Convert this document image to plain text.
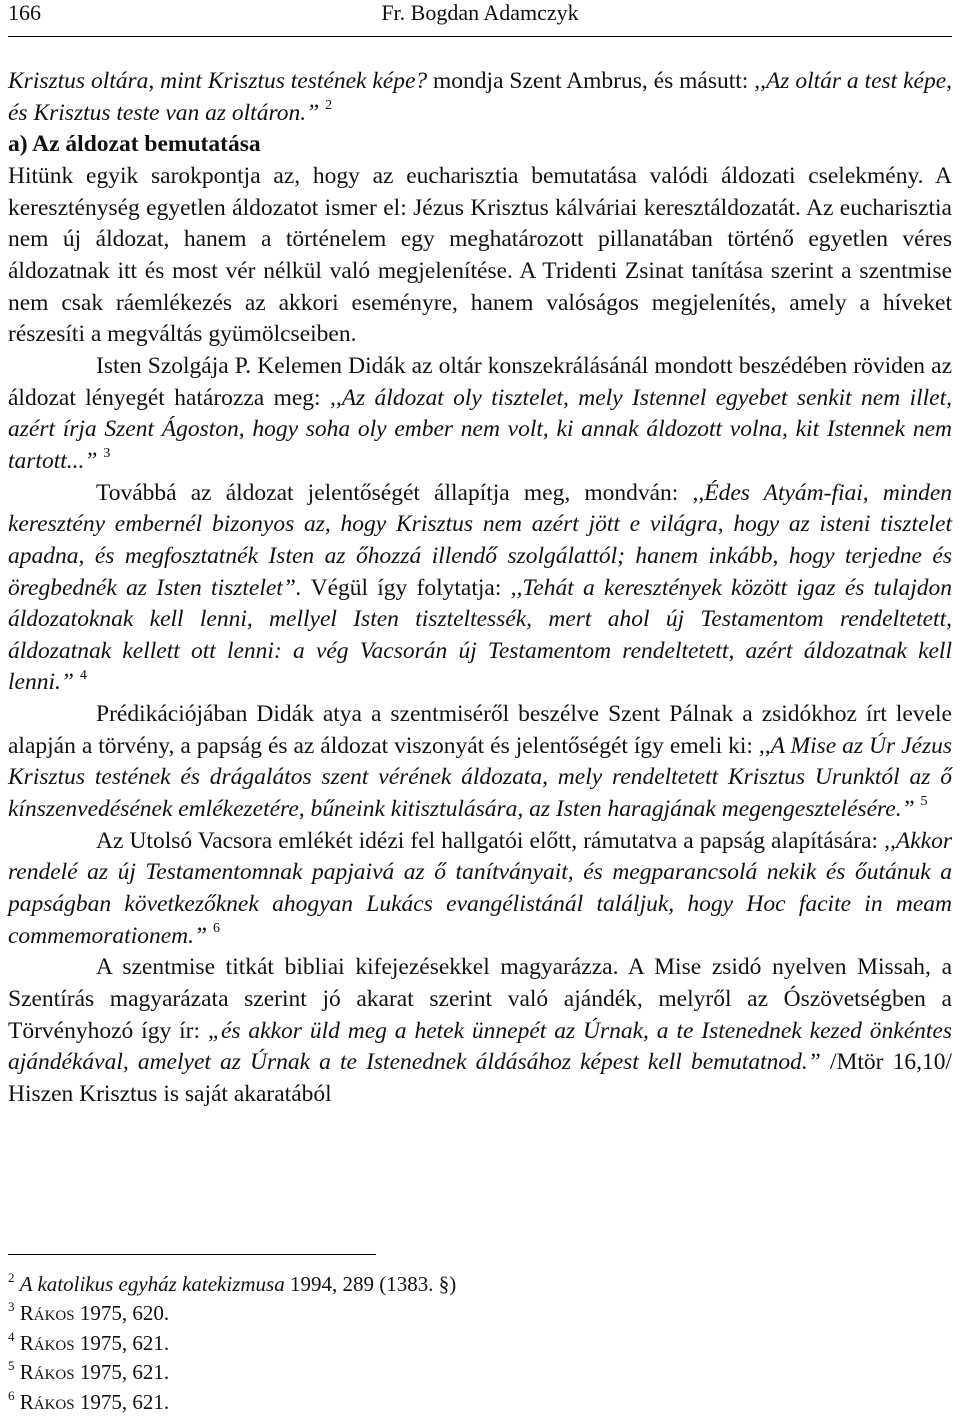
166	Fr. Bogdan Adamczyk

Krisztus oltára, mint Krisztus testének képe? mondja Szent Ambrus, és másutt: ,,Az oltár a test képe, és Krisztus teste van az oltáron.” $^2$

a) Az áldozat bemutatása

Hitünk egyik sarokpontja az, hogy az eucharisztia bemutatása valódi áldozati cselekmény. A kereszténység egyetlen áldozatot ismer el: Jézus Krisztus kálváriai keresztáldozatát. Az eucharisztia nem új áldozat, hanem a történelem egy meghatározott pillanatában történő egyetlen véres áldozatnak itt és most vér nélkül való megjelenítése. A Tridenti Zsinat tanítása szerint a szentmise nem csak ráemlékezés az akkori eseményre, hanem valóságos megjelenítés, amely a híveket részesíti a megváltás gyümölcseiben.

Isten Szolgája P. Kelemen Didák az oltár konszekrálásánál mondott beszédében röviden az áldozat lényegét határozza meg: ,,Az áldozat oly tisztelet, mely Istennel egyebet senkit nem illet, azért írja Szent Ágoston, hogy soha oly ember nem volt, ki annak áldozott volna, kit Istennek nem tartott...” $^3$

Továbbá az áldozat jelentőségét állapítja meg, mondván: ,,Édes Atyám-fiai, minden keresztény embernél bizonyos az, hogy Krisztus nem azért jött e világra, hogy az isteni tisztelet apadna, és megfosztatnék Isten az őhozzá illendő szolgálattól; hanem inkább, hogy terjedne és öregbednék az Isten tisztelet”. Végül így folytatja: ,,Tehát a keresztények között igaz és tulajdon áldozatoknak kell lenni, mellyel Isten tiszteltessék, mert ahol új Testamentom rendeltetett, áldozatnak kellett ott lenni: a vég Vacsorán új Testamentom rendeltetett, azért áldozatnak kell lenni.” $^4$

Prédikációjában Didák atya a szentmiséről beszélve Szent Pálnak a zsidókhoz írt levele alapján a törvény, a papság és az áldozat viszonyát és jelentőségét így emeli ki: ,,A Mise az Úr Jézus Krisztus testének és drágalátos szent vérének áldozata, mely rendeltetett Krisztus Urunktól az ő kínszenvedésének emlékezetére, bűneink kitisztulására, az Isten haragjának megengesztelésére.” $^5$

Az Utolsó Vacsora emlékét idézi fel hallgatói előtt, rámutatva a papság alapítására: ,,Akkor rendelé az új Testamentomnak papjaivá az ő tanítványait, és megparancsolá nekik és őutánuk a papságban következőknek ahogyan Lukács evangélistánál találjuk, hogy Hoc facite in meam commemorationem.” $^6$

A szentmise titkát bibliai kifejezésekkel magyarázza. A Mise zsidó nyelven Missah, a Szentírás magyarázata szerint jó akarat szerint való ajándék, melyről az Ószövetségben a Törvényhozó így ír: „és akkor üld meg a hetek ünnepét az Úrnak, a te Istenednek kezed önkéntes ajándékával, amelyet az Úrnak a te Istenednek áldásához képest kell bemutatnod.” /Mtör 16,10/ Hiszen Krisztus is saját akaratából

$^2$ A katolikus egyház katekizmusa 1994, 289 (1383. §)

$^3$ Rákos 1975, 620.

$^4$ Rákos 1975, 621.

$^5$ Rákos 1975, 621.

$^6$ Rákos 1975, 621.
